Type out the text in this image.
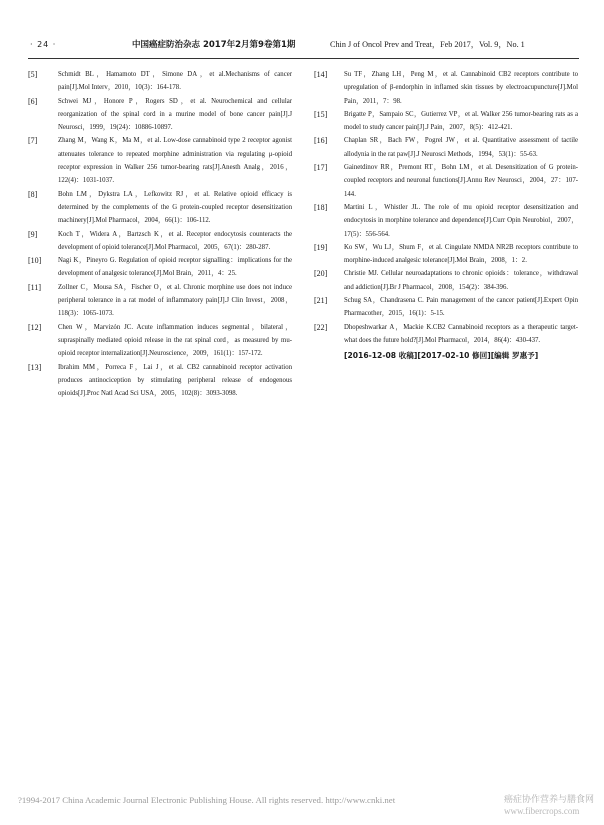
· 24 ·	中国癌症防治杂志 2017年2月第9卷第1期	Chin J of Oncol Prev and Treat，Feb 2017，Vol. 9，No. 1
[5]	Schmidt BL，Hamamoto DT，Simone DA，et al.Mechanisms of cancer pain[J].Mol Interv，2010，10(3)：164-178.
[6]	Schwei MJ，Honore P，Rogers SD，et al. Neurochemical and cellular reorganization of the spinal cord in a murine model of bone cancer pain[J].J Neurosci，1999，19(24)：10886-10897.
[7]	Zhang M，Wang K，Ma M，et al. Low-dose cannabinoid type 2 receptor agonist attenuates tolerance to repeated morphine administration via regulating μ-opioid receptor expression in Walker 256 tumor-bearing rats[J].Anesth Analg，2016，122(4)：1031-1037.
[8]	Bohn LM，Dykstra LA，Lefkowitz RJ，et al. Relative opioid efficacy is determined by the complements of the G protein-coupled receptor desensitization machinery[J].Mol Pharmacol，2004，66(1)：106-112.
[9]	Koch T，Widera A，Bartzsch K，et al. Receptor endocytosis counteracts the development of opioid tolerance[J].Mol Pharmacol，2005，67(1)：280-287.
[10] Nagi K，Pineyro G. Regulation of opioid receptor signalling：implications for the development of analgesic tolerance[J].Mol Brain，2011，4：25.
[11] Zollner C，Mousa SA，Fischer O，et al. Chronic morphine use does not induce peripheral tolerance in a rat model of inflammatory pain[J].J Clin Invest，2008，118(3)：1065-1073.
[12] Chen W，Marvizón JC. Acute inflammation induces segmental，bilateral，supraspinally mediated opioid release in the rat spinal cord，as measured by mu-opioid receptor internalization[J].Neuroscience，2009，161(1)：157-172.
[13] Ibrahim MM，Porreca F，Lai J，et al. CB2 cannabinoid receptor activation produces antinociception by stimulating peripheral release of endogenous opioids[J].Proc Natl Acad Sci USA，2005，102(8)：3093-3098.
[14] Su TF，Zhang LH，Peng M，et al. Cannabinoid CB2 receptors contribute to upregulation of β-endorphin in inflamed skin tissues by electroacupuncture[J].Mol Pain，2011，7：98.
[15] Brigatte P，Sampaio SC，Gutierrez VP，et al. Walker 256 tumor-bearing rats as a model to study cancer pain[J].J Pain，2007，8(5)：412-421.
[16] Chaplan SR，Bach FW，Pogrel JW，et al. Quantitative assessment of tactile allodynia in the rat paw[J].J Neurosci Methods，1994，53(1)：55-63.
[17] Gainetdinov RR，Premont RT，Bohn LM，et al. Desensitization of G protein-coupled receptors and neuronal functions[J].Annu Rev Neurosci，2004，27：107-144.
[18] Martini L，Whistler JL. The role of mu opioid receptor desensitization and endocytosis in morphine tolerance and dependence[J].Curr Opin Neurobiol，2007，17(5)：556-564.
[19] Ko SW，Wu LJ，Shum F，et al. Cingulate NMDA NR2B receptors contribute to morphine-induced analgesic tolerance[J].Mol Brain，2008，1：2.
[20] Christie MJ. Cellular neuroadaptations to chronic opioids：tolerance，withdrawal and addiction[J].Br J Pharmacol，2008，154(2)：384-396.
[21] Schug SA，Chandrasena C. Pain management of the cancer patient[J].Expert Opin Pharmacother，2015，16(1)：5-15.
[22] Dhopeshwarkar A，Mackie K.CB2 Cannabinoid receptors as a therapeutic target-what does the future hold?[J].Mol Pharmacol，2014，86(4)：430-437.
[2016-12-08 收稿][2017-02-10 修回][编辑 罗惠予]
?1994-2017 China Academic Journal Electronic Publishing House. All rights reserved. http://www.cnki.net	癌症协作营养与膳食网
www.fibercrops.com
